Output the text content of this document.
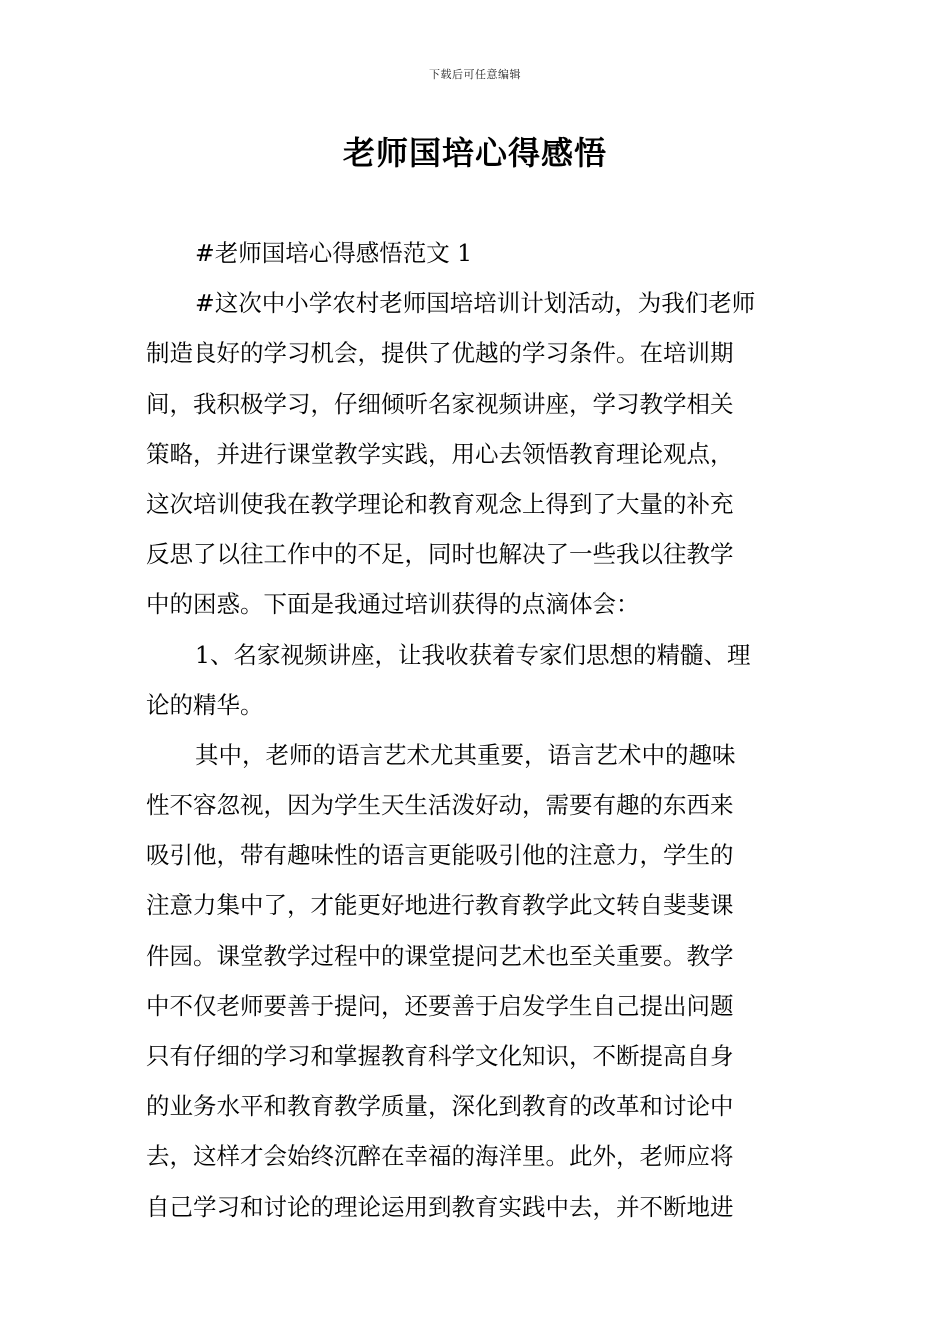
下载后可任意编辑
老师国培心得感悟
#老师国培心得感悟范文 1
#这次中小学农村老师国培培训计划活动，为我们老师
制造良好的学习机会，提供了优越的学习条件。在培训期
间，我积极学习，仔细倾听名家视频讲座，学习教学相关
策略，并进行课堂教学实践，用心去领悟教育理论观点，
这次培训使我在教学理论和教育观念上得到了大量的补充
反思了以往工作中的不足，同时也解决了一些我以往教学
中的困惑。下面是我通过培训获得的点滴体会：
1、名家视频讲座，让我收获着专家们思想的精髓、理
论的精华。
其中，老师的语言艺术尤其重要，语言艺术中的趣味
性不容忽视，因为学生天生活泼好动，需要有趣的东西来
吸引他，带有趣味性的语言更能吸引他的注意力，学生的
注意力集中了，才能更好地进行教育教学此文转自斐斐课
件园。课堂教学过程中的课堂提问艺术也至关重要。教学
中不仅老师要善于提问，还要善于启发学生自己提出问题
只有仔细的学习和掌握教育科学文化知识，不断提高自身
的业务水平和教育教学质量，深化到教育的改革和讨论中
去，这样才会始终沉醉在幸福的海洋里。此外，老师应将
自己学习和讨论的理论运用到教育实践中去，并不断地进
